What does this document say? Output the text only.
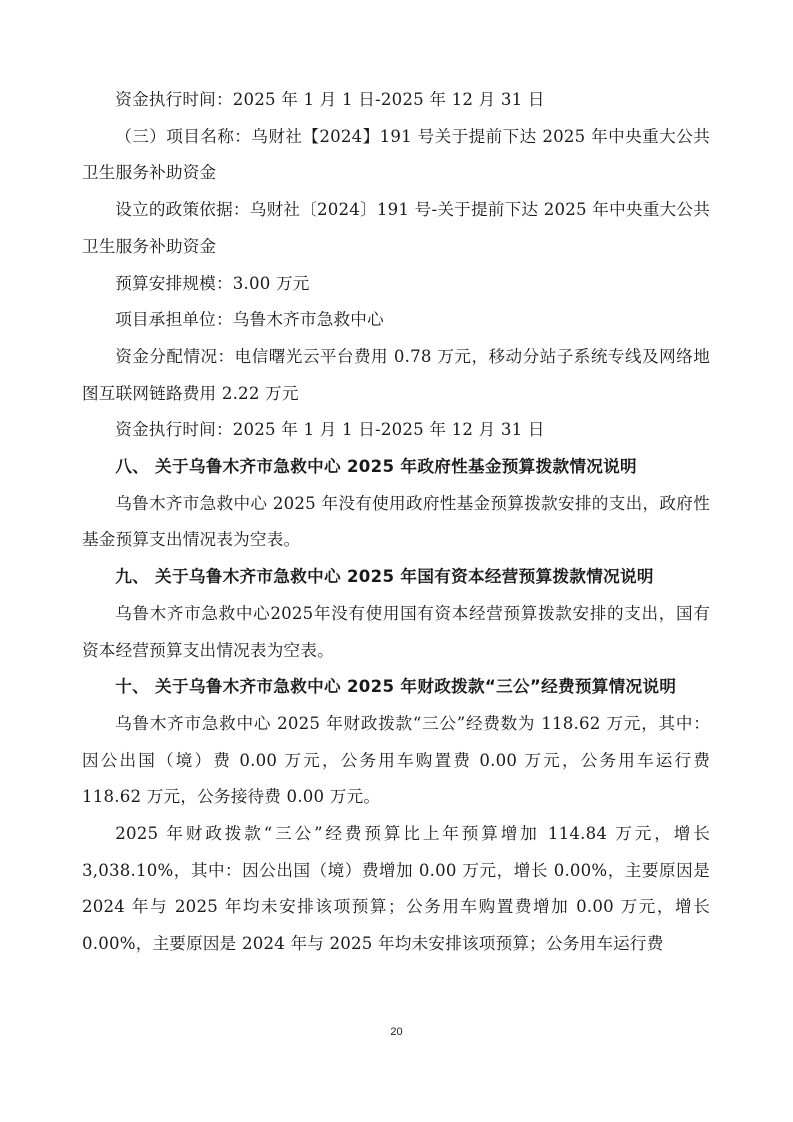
资金执行时间：2025 年 1 月 1 日-2025 年 12 月 31 日

（三）项目名称：乌财社【2024】191 号关于提前下达 2025 年中央重大公共卫生服务补助资金

设立的政策依据：乌财社〔2024〕191 号-关于提前下达 2025 年中央重大公共卫生服务补助资金

预算安排规模：3.00 万元

项目承担单位：乌鲁木齐市急救中心

资金分配情况：电信曙光云平台费用 0.78 万元，移动分站子系统专线及网络地图互联网链路费用 2.22 万元

资金执行时间：2025 年 1 月 1 日-2025 年 12 月 31 日

八、 关于乌鲁木齐市急救中心 2025 年政府性基金预算拨款情况说明

乌鲁木齐市急救中心 2025 年没有使用政府性基金预算拨款安排的支出，政府性基金预算支出情况表为空表。

九、 关于乌鲁木齐市急救中心 2025 年国有资本经营预算拨款情况说明

乌鲁木齐市急救中心2025年没有使用国有资本经营预算拨款安排的支出，国有资本经营预算支出情况表为空表。

十、 关于乌鲁木齐市急救中心 2025 年财政拨款“三公”经费预算情况说明

乌鲁木齐市急救中心 2025 年财政拨款“三公”经费数为 118.62 万元，其中：因公出国（境）费 0.00 万元，公务用车购置费 0.00 万元，公务用车运行费 118.62 万元，公务接待费 0.00 万元。

2025 年财政拨款“三公”经费预算比上年预算增加 114.84 万元，增长 3,038.10%，其中：因公出国（境）费增加 0.00 万元，增长 0.00%，主要原因是 2024 年与 2025 年均未安排该项预算；公务用车购置费增加 0.00 万元，增长 0.00%，主要原因是 2024 年与 2025 年均未安排该项预算；公务用车运行费

20
